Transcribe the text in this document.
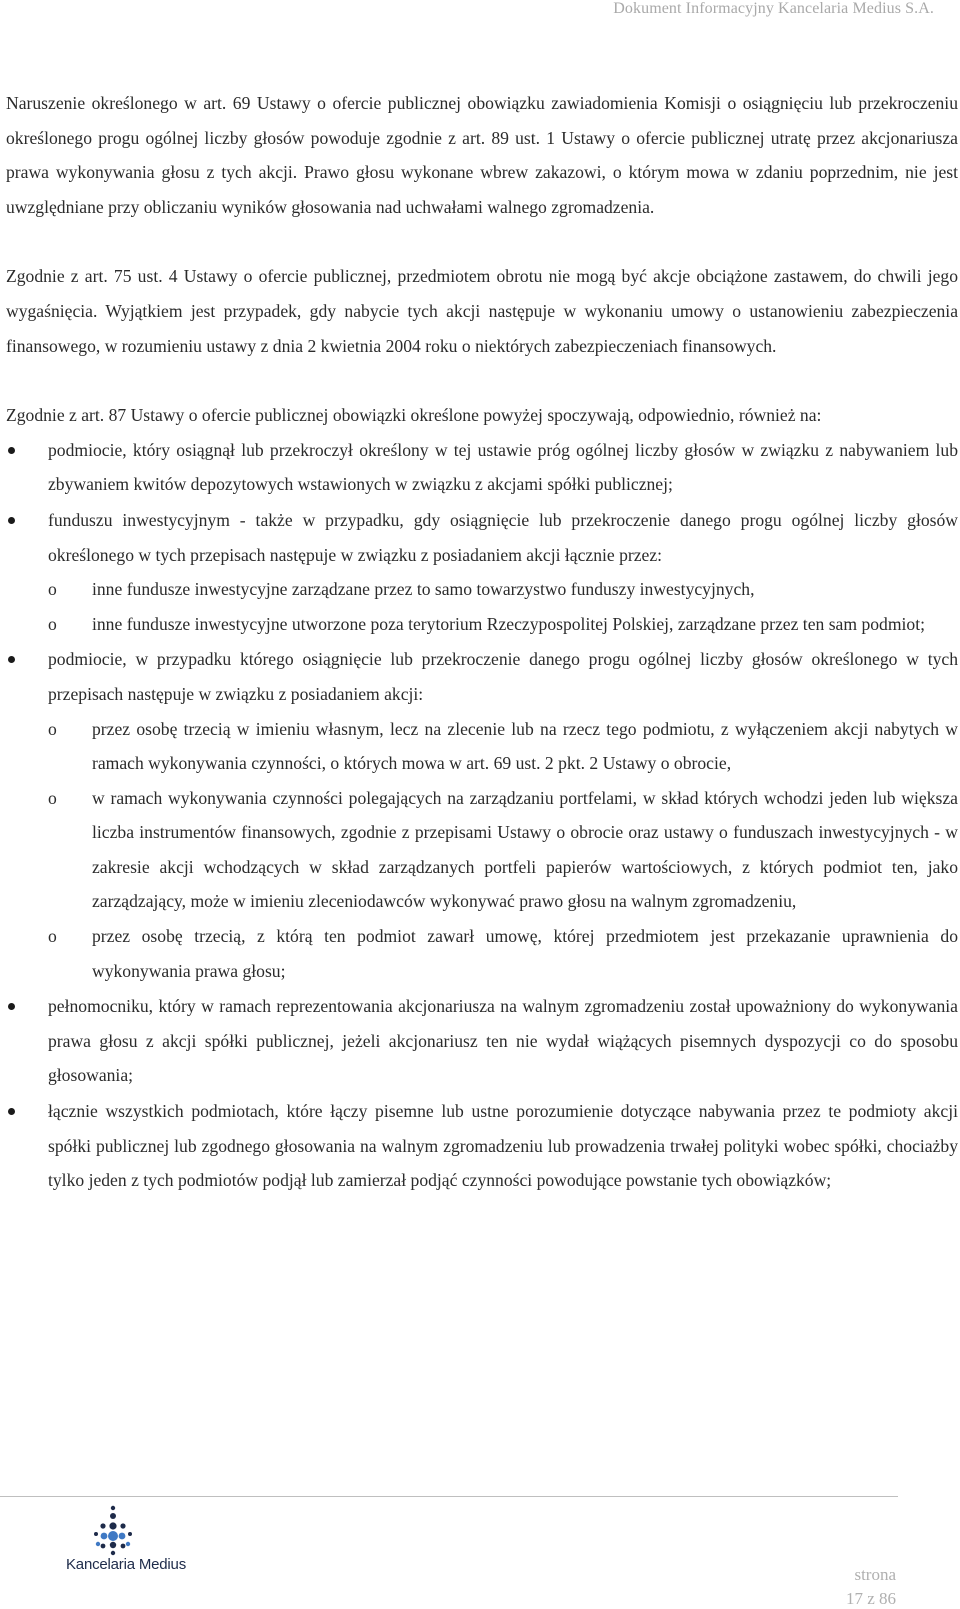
Dokument Informacyjny Kancelaria Medius S.A.

Naruszenie określonego w art. 69 Ustawy o ofercie publicznej obowiązku zawiadomienia Komisji o osiągnięciu lub przekroczeniu określonego progu ogólnej liczby głosów powoduje zgodnie z art. 89 ust. 1 Ustawy o ofercie publicznej utratę przez akcjonariusza prawa wykonywania głosu z tych akcji. Prawo głosu wykonane wbrew zakazowi, o którym mowa w zdaniu poprzednim, nie jest uwzględniane przy obliczaniu wyników głosowania nad uchwałami walnego zgromadzenia.

Zgodnie z art. 75 ust. 4 Ustawy o ofercie publicznej, przedmiotem obrotu nie mogą być akcje obciążone zastawem, do chwili jego wygaśnięcia. Wyjątkiem jest przypadek, gdy nabycie tych akcji następuje w wykonaniu umowy o ustanowieniu zabezpieczenia finansowego, w rozumieniu ustawy z dnia 2 kwietnia 2004 roku o niektórych zabezpieczeniach finansowych.

Zgodnie z art. 87 Ustawy o ofercie publicznej obowiązki określone powyżej spoczywają, odpowiednio, również na:

podmiocie, który osiągnął lub przekroczył określony w tej ustawie próg ogólnej liczby głosów w związku z nabywaniem lub zbywaniem kwitów depozytowych wstawionych w związku z akcjami spółki publicznej;
funduszu inwestycyjnym - także w przypadku, gdy osiągnięcie lub przekroczenie danego progu ogólnej liczby głosów określonego w tych przepisach następuje w związku z posiadaniem akcji łącznie przez:
o inne fundusze inwestycyjne zarządzane przez to samo towarzystwo funduszy inwestycyjnych,
o inne fundusze inwestycyjne utworzone poza terytorium Rzeczypospolitej Polskiej, zarządzane przez ten sam podmiot;
podmiocie, w przypadku którego osiągnięcie lub przekroczenie danego progu ogólnej liczby głosów określonego w tych przepisach następuje w związku z posiadaniem akcji:
o przez osobę trzecią w imieniu własnym, lecz na zlecenie lub na rzecz tego podmiotu, z wyłączeniem akcji nabytych w ramach wykonywania czynności, o których mowa w art. 69 ust. 2 pkt. 2 Ustawy o obrocie,
o w ramach wykonywania czynności polegających na zarządzaniu portfelami, w skład których wchodzi jeden lub większa liczba instrumentów finansowych, zgodnie z przepisami Ustawy o obrocie oraz ustawy o funduszach inwestycyjnych - w zakresie akcji wchodzących w skład zarządzanych portfeli papierów wartościowych, z których podmiot ten, jako zarządzający, może w imieniu zleceniodawców wykonywać prawo głosu na walnym zgromadzeniu,
o przez osobę trzecią, z którą ten podmiot zawarł umowę, której przedmiotem jest przekazanie uprawnienia do wykonywania prawa głosu;
pełnomocniku, który w ramach reprezentowania akcjonariusza na walnym zgromadzeniu został upoważniony do wykonywania prawa głosu z akcji spółki publicznej, jeżeli akcjonariusz ten nie wydał wiążących pisemnych dyspozycji co do sposobu głosowania;
łącznie wszystkich podmiotach, które łączy pisemne lub ustne porozumienie dotyczące nabywania przez te podmioty akcji spółki publicznej lub zgodnego głosowania na walnym zgromadzeniu lub prowadzenia trwałej polityki wobec spółki, chociażby tylko jeden z tych podmiotów podjął lub zamierzał podjąć czynności powodujące powstanie tych obowiązków;
Kancelaria Medius
strona
17 z 86
